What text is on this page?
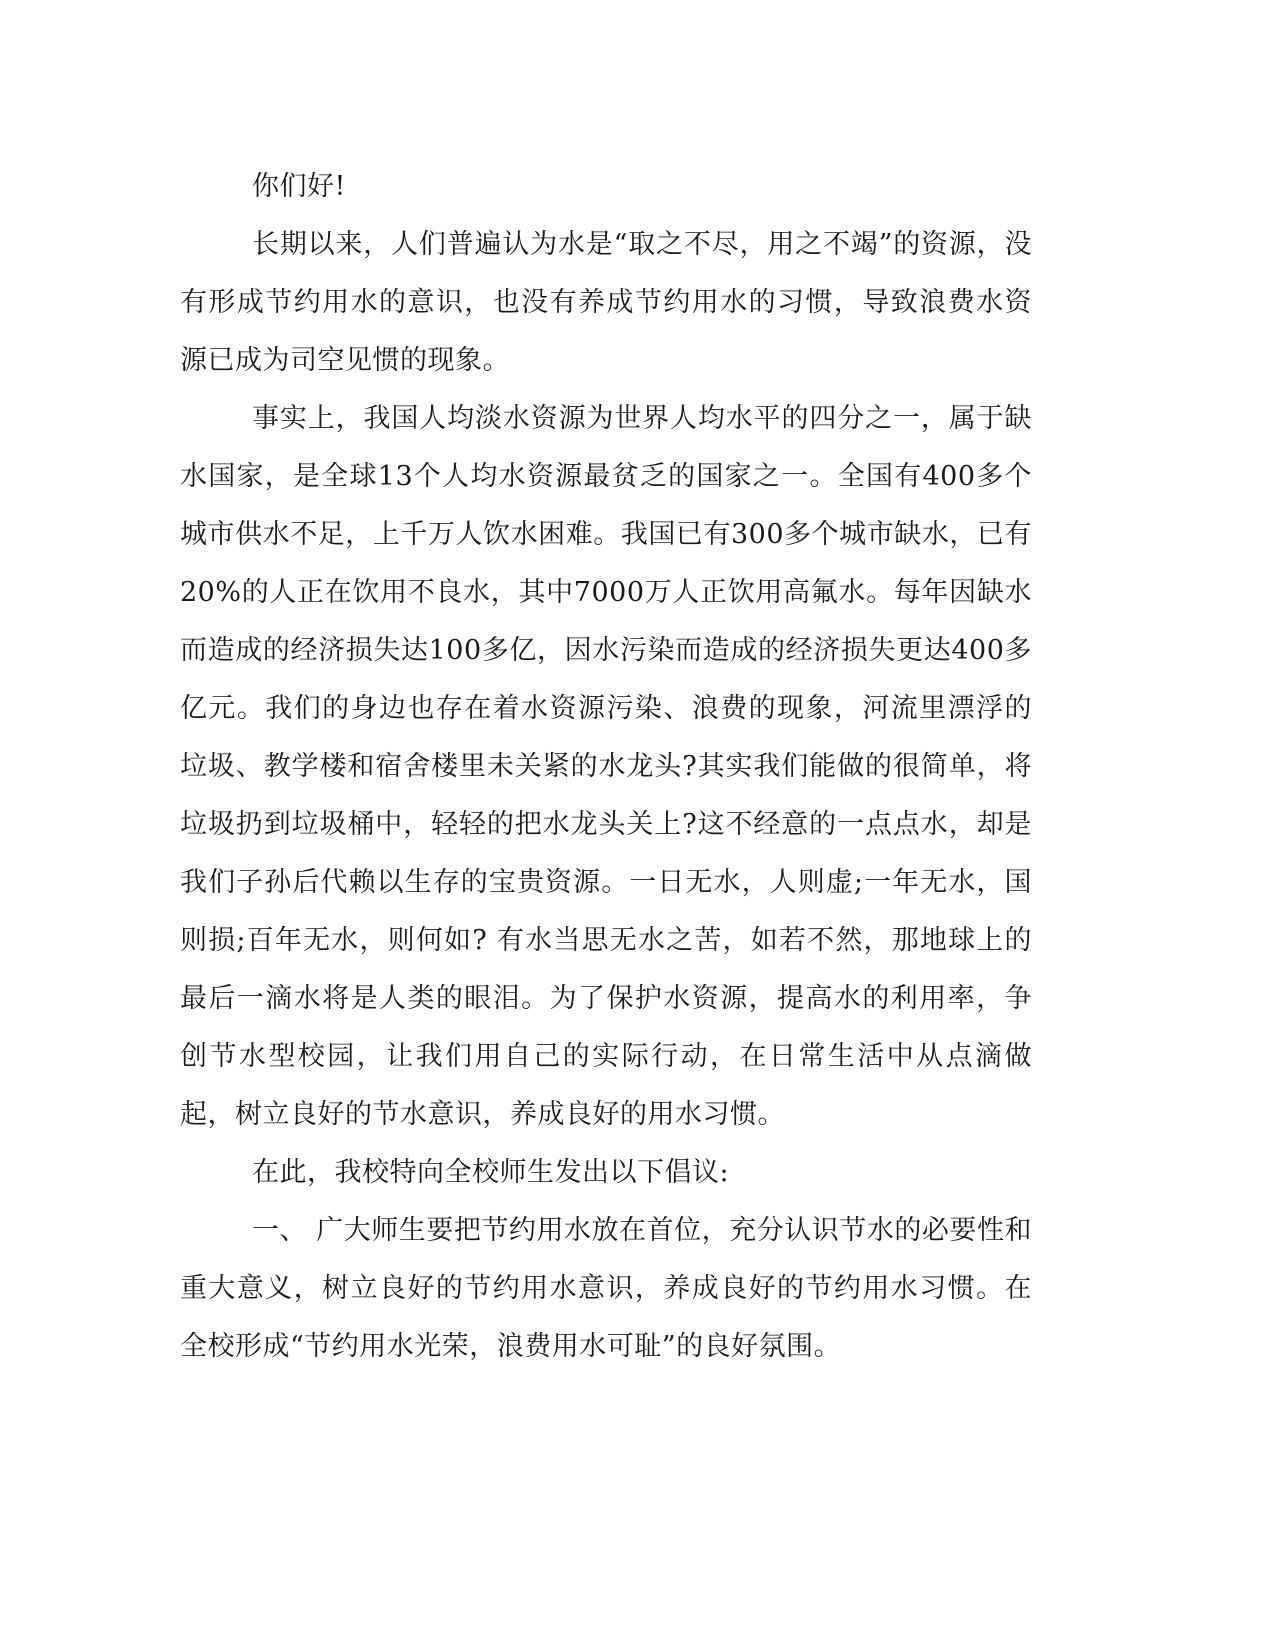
你们好!

长期以来，人们普遍认为水是“取之不尽，用之不竭”的资源，没有形成节约用水的意识，也没有养成节约用水的习惯，导致浪费水资源已成为司空见惯的现象。

事实上，我国人均淡水资源为世界人均水平的四分之一，属于缺水国家，是全球13个人均水资源最贫乏的国家之一。全国有400多个城市供水不足，上千万人饮水困难。我国已有300多个城市缺水，已有20%的人正在饮用不良水，其中7000万人正饮用高氟水。每年因缺水而造成的经济损失达100多亿，因水污染而造成的经济损失更达400多亿元。我们的身边也存在着水资源污染、浪费的现象，河流里漂浮的垃圾、教学楼和宿舍楼里未关紧的水龙头?其实我们能做的很简单，将垃圾扔到垃圾桶中，轻轻的把水龙头关上?这不经意的一点点水，却是我们子孙后代赖以生存的宝贵资源。一日无水，人则虚;一年无水，国则损;百年无水，则何如? 有水当思无水之苦，如若不然，那地球上的最后一滴水将是人类的眼泪。为了保护水资源，提高水的利用率，争创节水型校园，让我们用自己的实际行动，在日常生活中从点滴做起，树立良好的节水意识，养成良好的用水习惯。

在此，我校特向全校师生发出以下倡议:

一、 广大师生要把节约用水放在首位，充分认识节水的必要性和重大意义，树立良好的节约用水意识，养成良好的节约用水习惯。在全校形成“节约用水光荣，浪费用水可耻”的良好氛围。
